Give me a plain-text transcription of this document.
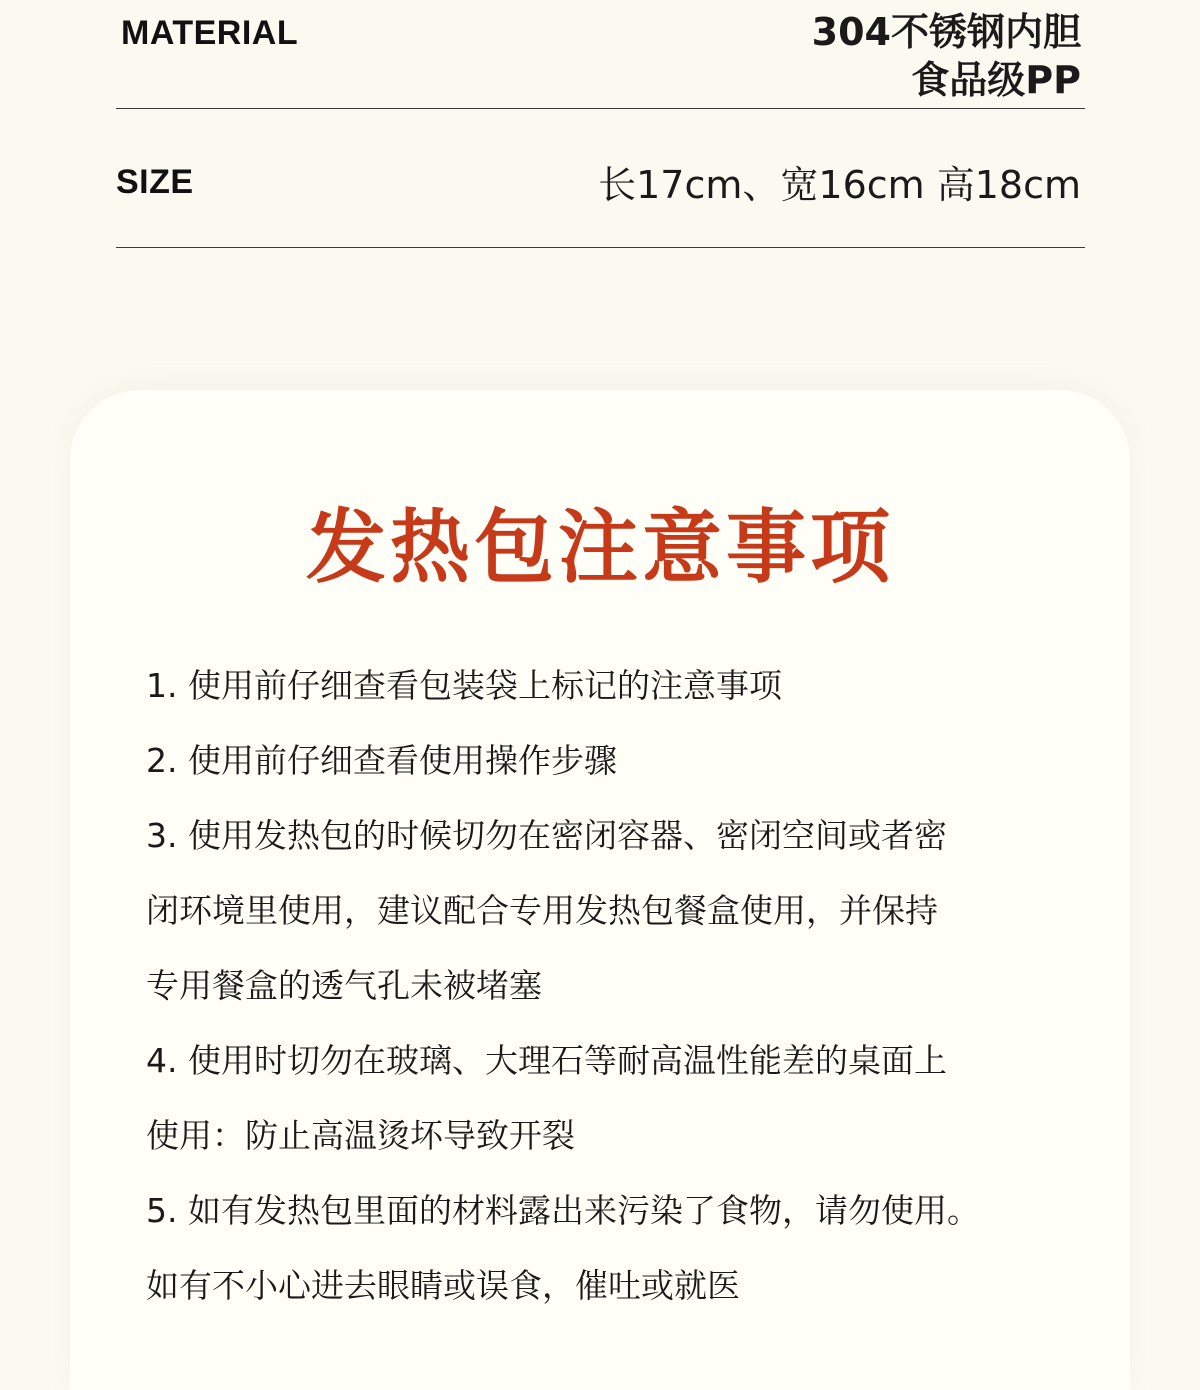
MATERIAL	304不锈钢内胆
食品级PP
SIZE	长17cm、宽16cm 高18cm
发热包注意事项
1. 使用前仔细查看包装袋上标记的注意事项
2. 使用前仔细查看使用操作步骤
3. 使用发热包的时候切勿在密闭容器、密闭空间或者密
闭环境里使用，建议配合专用发热包餐盒使用，并保持
专用餐盒的透气孔未被堵塞
4. 使用时切勿在玻璃、大理石等耐高温性能差的桌面上
使用：防止高温烫坏导致开裂
5. 如有发热包里面的材料露出来污染了食物，请勿使用。
如有不小心进去眼睛或误食，催吐或就医
